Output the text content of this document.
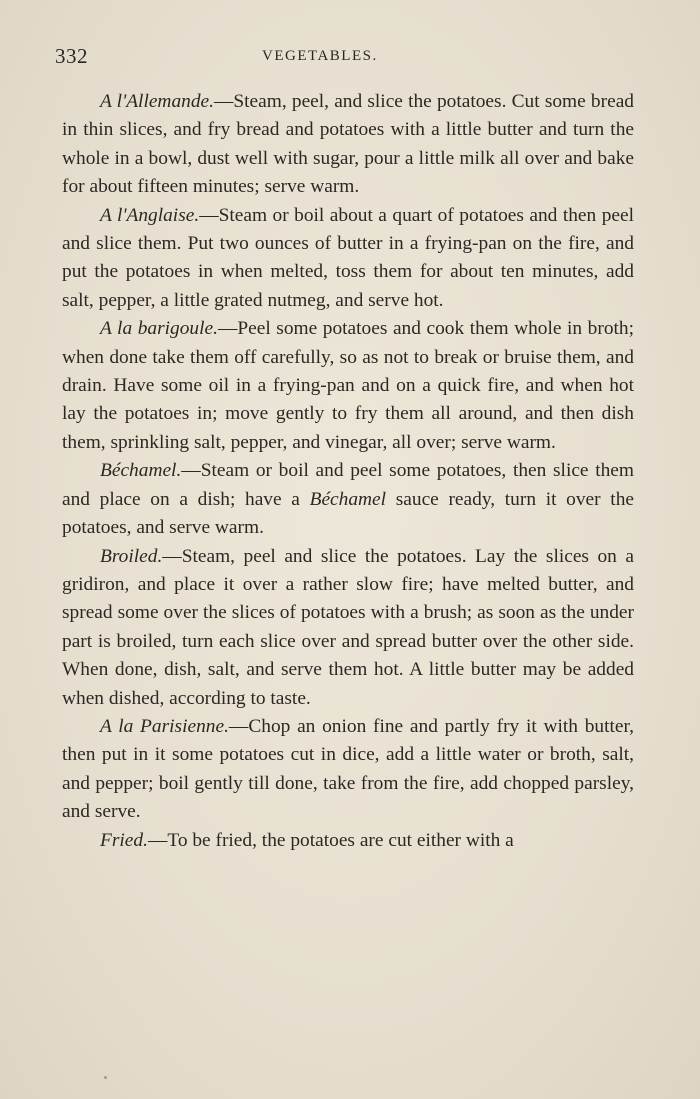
332	VEGETABLES.

A l'Allemande.—Steam, peel, and slice the potatoes. Cut some bread in thin slices, and fry bread and potatoes with a little butter and turn the whole in a bowl, dust well with sugar, pour a little milk all over and bake for about fifteen minutes; serve warm.

A l'Anglaise.—Steam or boil about a quart of potatoes and then peel and slice them. Put two ounces of butter in a frying-pan on the fire, and put the potatoes in when melted, toss them for about ten minutes, add salt, pepper, a little grated nutmeg, and serve hot.

A la barigoule.—Peel some potatoes and cook them whole in broth; when done take them off carefully, so as not to break or bruise them, and drain. Have some oil in a frying-pan and on a quick fire, and when hot lay the potatoes in; move gently to fry them all around, and then dish them, sprinkling salt, pepper, and vinegar, all over; serve warm.

Béchamel.—Steam or boil and peel some potatoes, then slice them and place on a dish; have a Béchamel sauce ready, turn it over the potatoes, and serve warm.

Broiled.—Steam, peel and slice the potatoes. Lay the slices on a gridiron, and place it over a rather slow fire; have melted butter, and spread some over the slices of potatoes with a brush; as soon as the under part is broiled, turn each slice over and spread butter over the other side. When done, dish, salt, and serve them hot. A little butter may be added when dished, according to taste.

A la Parisienne.—Chop an onion fine and partly fry it with butter, then put in it some potatoes cut in dice, add a little water or broth, salt, and pepper; boil gently till done, take from the fire, add chopped parsley, and serve.

Fried.—To be fried, the potatoes are cut either with a
